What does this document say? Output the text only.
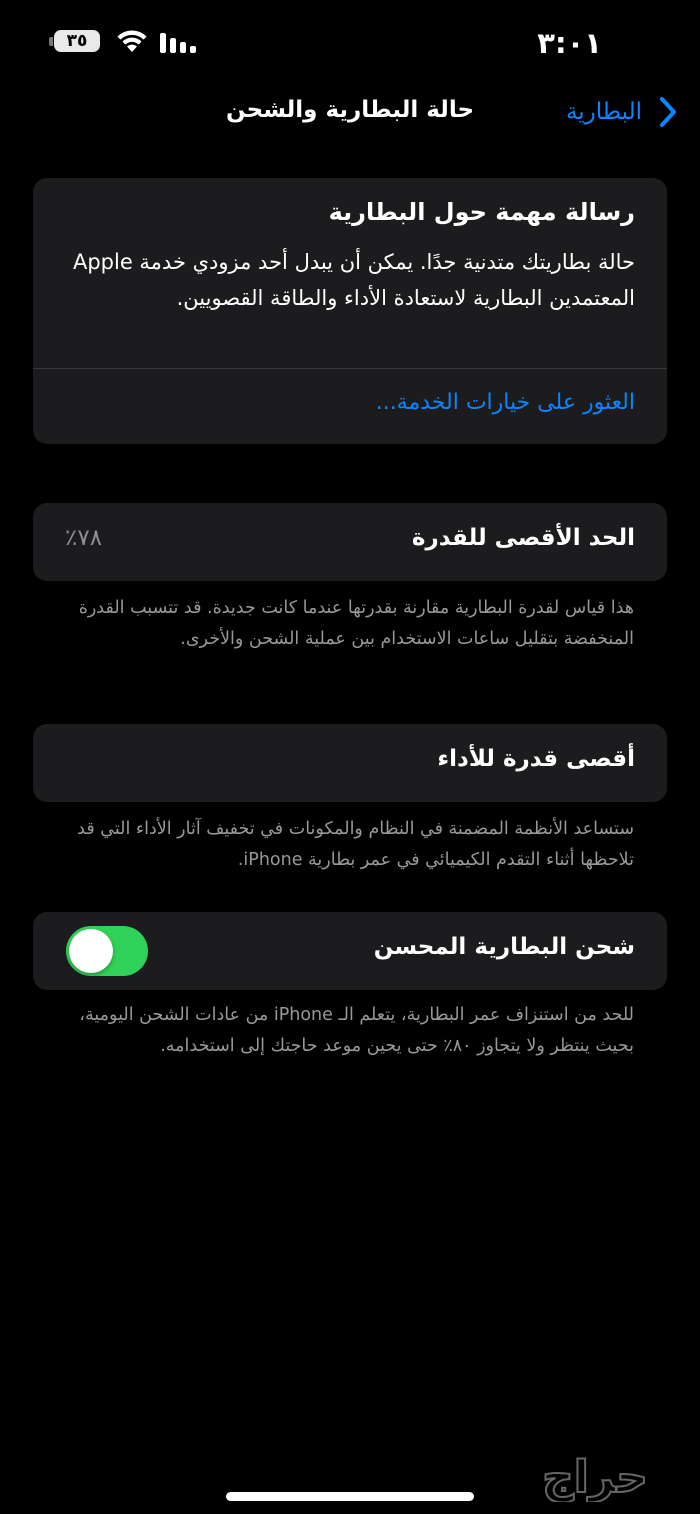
٣:٠١
٣٥
البطارية
حالة البطارية والشحن
رسالة مهمة حول البطارية
حالة بطاريتك متدنية جدًا. يمكن أن يبدل أحد مزودي خدمة Apple المعتمدين البطارية لاستعادة الأداء والطاقة القصويين.
العثور على خيارات الخدمة...
الحد الأقصى للقدرة
٧٨٪
هذا قياس لقدرة البطارية مقارنة بقدرتها عندما كانت جديدة. قد تتسبب القدرة المنخفضة بتقليل ساعات الاستخدام بين عملية الشحن والأخرى.
أقصى قدرة للأداء
ستساعد الأنظمة المضمنة في النظام والمكونات في تخفيف آثار الأداء التي قد تلاحظها أثناء التقدم الكيميائي في عمر بطارية iPhone.
شحن البطارية المحسن
للحد من استنزاف عمر البطارية، يتعلم الـ iPhone من عادات الشحن اليومية، بحيث ينتظر ولا يتجاوز ٨٠٪ حتى يحين موعد حاجتك إلى استخدامه.
حراج
